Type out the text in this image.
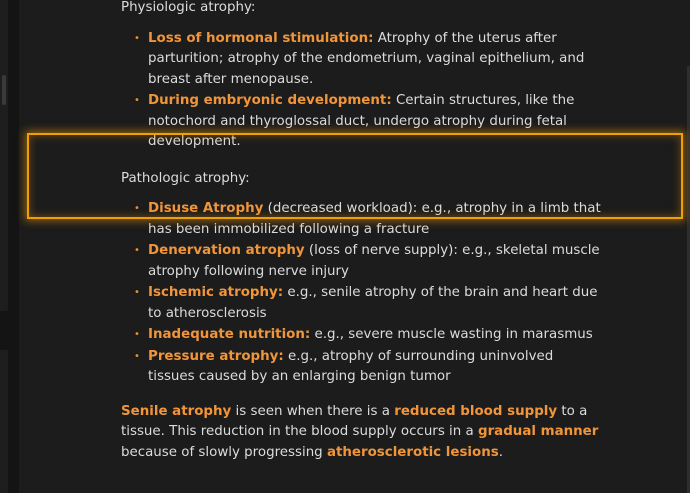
Physiologic atrophy:

• Loss of hormonal stimulation: Atrophy of the uterus after parturition; atrophy of the endometrium, vaginal epithelium, and breast after menopause.
• During embryonic development: Certain structures, like the notochord and thyroglossal duct, undergo atrophy during fetal development.

Pathologic atrophy:

• Disuse Atrophy (decreased workload): e.g., atrophy in a limb that has been immobilized following a fracture
• Denervation atrophy (loss of nerve supply): e.g., skeletal muscle atrophy following nerve injury
• Ischemic atrophy: e.g., senile atrophy of the brain and heart due to atherosclerosis
• Inadequate nutrition: e.g., severe muscle wasting in marasmus
• Pressure atrophy: e.g., atrophy of surrounding uninvolved tissues caused by an enlarging benign tumor

Senile atrophy is seen when there is a reduced blood supply to a tissue. This reduction in the blood supply occurs in a gradual manner because of slowly progressing atherosclerotic lesions.
